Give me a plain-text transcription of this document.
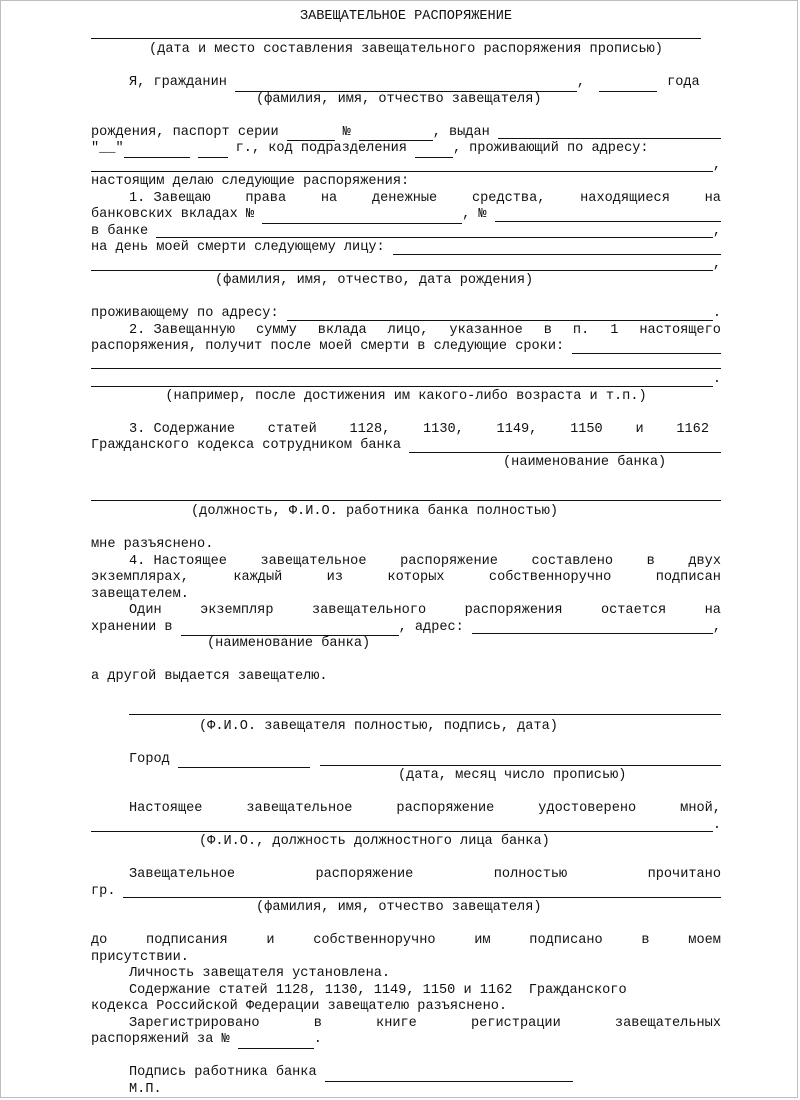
ЗАВЕЩАТЕЛЬНОЕ РАСПОРЯЖЕНИЕ
(дата и место составления завещательного распоряжения прописью)
Я, гражданин	,	года
(фамилия, имя, отчество завещателя)
рождения, паспорт серии	№	, выдан
"__"	г., код подразделения	, проживающий по адресу:
,
настоящим делаю следующие распоряжения:
1. Завещаю	права	на	денежные	средства,	находящиеся	на
банковских вкладах №	, №
в банке	,
на день моей смерти следующему лицу:
,
(фамилия, имя, отчество, дата рождения)
проживающему по адресу:	.
2. Завещанную сумму вклада лицо, указанное в п. 1 настоящего
распоряжения, получит после моей смерти в следующие сроки:
.
(например, после достижения им какого-либо возраста и т.п.)
3. Содержание статей 1128, 1130, 1149, 1150 и 1162
Гражданского кодекса сотрудником банка
(наименование банка)
(должность, Ф.И.О. работника банка полностью)
мне разъяснено.
4. Настоящее завещательное распоряжение составлено в двух
экземплярах,	каждый	из	которых	собственноручно	подписан
завещателем.
Один	экземпляр	завещательного	распоряжения	остается	на
хранении в	, адрес:	,
(наименование банка)
а другой выдается завещателю.
(Ф.И.О. завещателя полностью, подпись, дата)
Город
(дата, месяц число прописью)
Настоящее	завещательное	распоряжение	удостоверено	мной,
.
(Ф.И.О., должность должностного лица банка)
Завещательное	распоряжение	полностью	прочитано
гр.
(фамилия, имя, отчество завещателя)
до	подписания	и	собственноручно	им	подписано	в	моем
присутствии.
Личность завещателя установлена.
Содержание статей 1128, 1130, 1149, 1150 и 1162  Гражданского
кодекса Российской Федерации завещателю разъяснено.
Зарегистрировано	в	книге	регистрации	завещательных
распоряжений за №	.
Подпись работника банка
М.П.
